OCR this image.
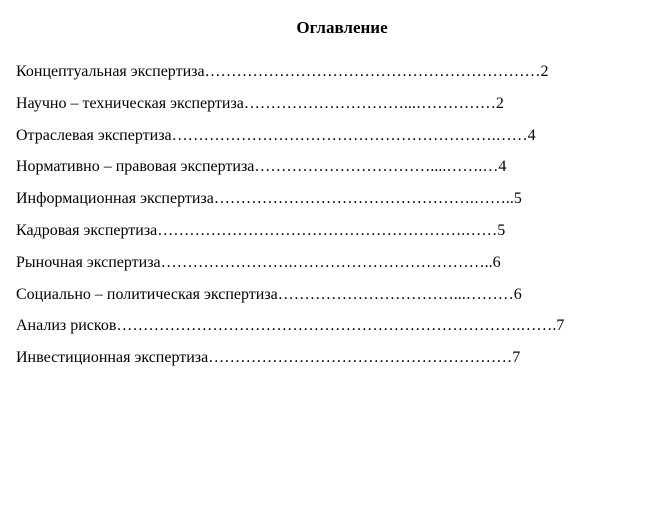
Оглавление
Концептуальная экспертиза………………………………………………………2
Научно – техническая экспертиза…………………………...……………2
Отраслевая экспертиза…………………………………………………….……4
Нормативно – правовая экспертиза……………………………....…….…4
Информационная экспертиза………………………………………….……..5
Кадровая экспертиза………………………………………………….……5
Рыночная экспертиза…………………….………………………………..6
Социально – политическая экспертиза……………………………...………6
Анализ рисков………………………………………………………………….…….7
Инвестиционная экспертиза…………………………………………………7
